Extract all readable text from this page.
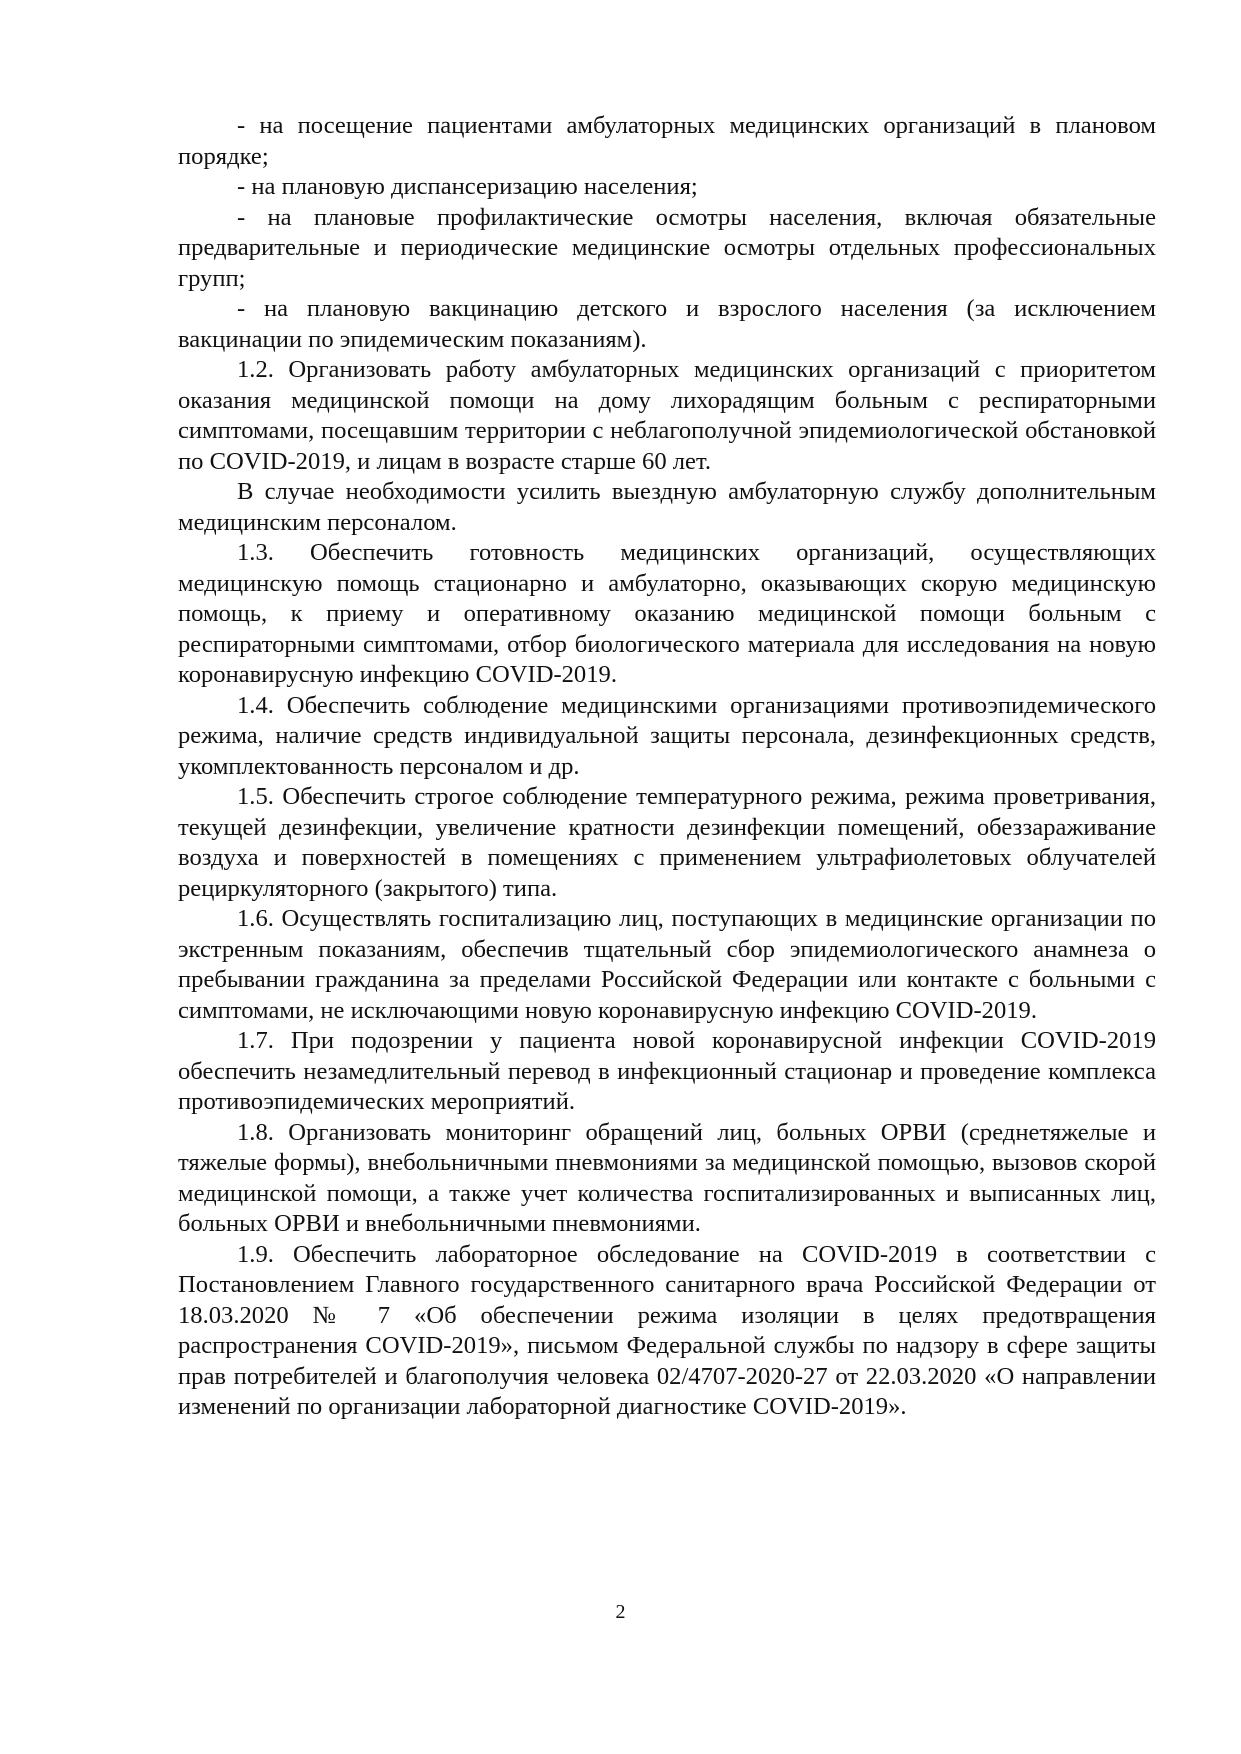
- на посещение пациентами амбулаторных медицинских организаций в плановом порядке;

- на плановую диспансеризацию населения;

- на плановые профилактические осмотры населения, включая обязательные предварительные и периодические медицинские осмотры отдельных профессиональных групп;

- на плановую вакцинацию детского и взрослого населения (за исключением вакцинации по эпидемическим показаниям).

1.2. Организовать работу амбулаторных медицинских организаций с приоритетом оказания медицинской помощи на дому лихорадящим больным с респираторными симптомами, посещавшим территории с неблагополучной эпидемиологической обстановкой по COVID-2019, и лицам в возрасте старше 60 лет.

В случае необходимости усилить выездную амбулаторную службу дополнительным медицинским персоналом.

1.3. Обеспечить готовность медицинских организаций, осуществляющих медицинскую помощь стационарно и амбулаторно, оказывающих скорую медицинскую помощь, к приему и оперативному оказанию медицинской помощи больным с респираторными симптомами, отбор биологического материала для исследования на новую коронавирусную инфекцию COVID-2019.

1.4. Обеспечить соблюдение медицинскими организациями противоэпидемического режима, наличие средств индивидуальной защиты персонала, дезинфекционных средств, укомплектованность персоналом и др.

1.5. Обеспечить строгое соблюдение температурного режима, режима проветривания, текущей дезинфекции, увеличение кратности дезинфекции помещений, обеззараживание воздуха и поверхностей в помещениях с применением ультрафиолетовых облучателей рециркуляторного (закрытого) типа.

1.6. Осуществлять госпитализацию лиц, поступающих в медицинские организации по экстренным показаниям, обеспечив тщательный сбор эпидемиологического анамнеза о пребывании гражданина за пределами Российской Федерации или контакте с больными с симптомами, не исключающими новую коронавирусную инфекцию COVID-2019.

1.7. При подозрении у пациента новой коронавирусной инфекции COVID-2019 обеспечить незамедлительный перевод в инфекционный стационар и проведение комплекса противоэпидемических мероприятий.

1.8. Организовать мониторинг обращений лиц, больных ОРВИ (среднетяжелые и тяжелые формы), внебольничными пневмониями за медицинской помощью, вызовов скорой медицинской помощи, а также учет количества госпитализированных и выписанных лиц, больных ОРВИ и внебольничными пневмониями.

1.9. Обеспечить лабораторное обследование на COVID-2019 в соответствии с Постановлением Главного государственного санитарного врача Российской Федерации от 18.03.2020 № 7 «Об обеспечении режима изоляции в целях предотвращения распространения COVID-2019», письмом Федеральной службы по надзору в сфере защиты прав потребителей и благополучия человека 02/4707-2020-27 от 22.03.2020 «О направлении изменений по организации лабораторной диагностике COVID-2019».

2
